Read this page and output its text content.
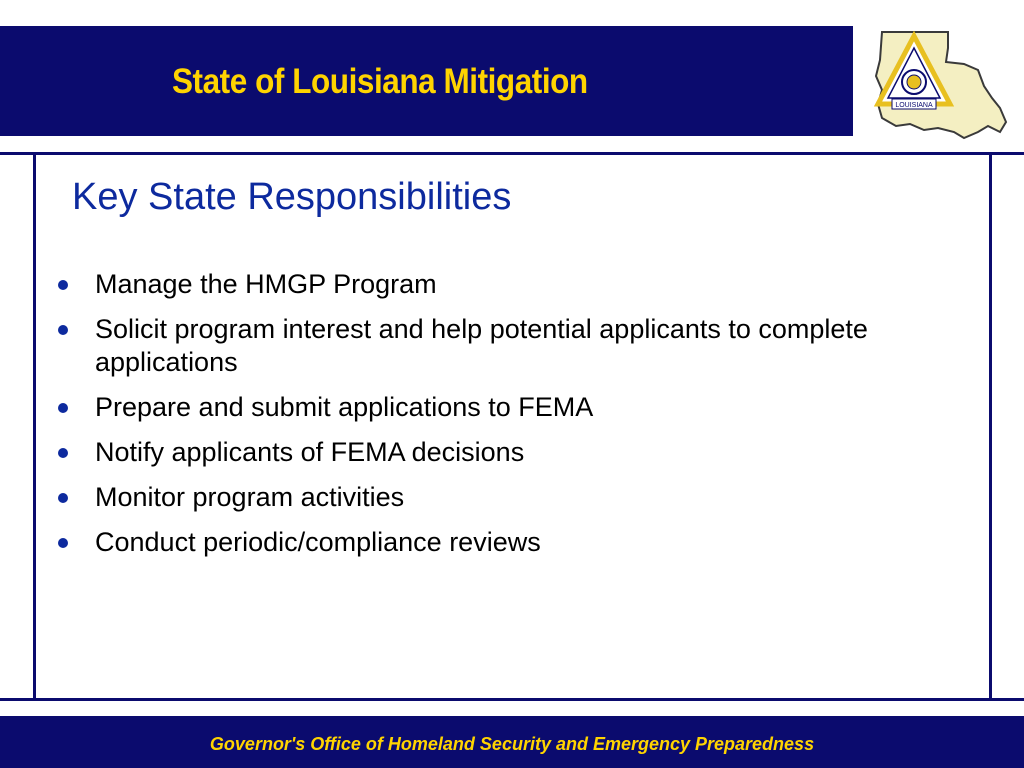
State of Louisiana Mitigation
LOUISIANA
Key State Responsibilities
Manage the HMGP Program
Solicit program interest and help potential applicants to complete applications
Prepare and submit applications to FEMA
Notify applicants of FEMA decisions
Monitor program activities
Conduct periodic/compliance reviews
Governor's Office of Homeland Security and Emergency Preparedness
